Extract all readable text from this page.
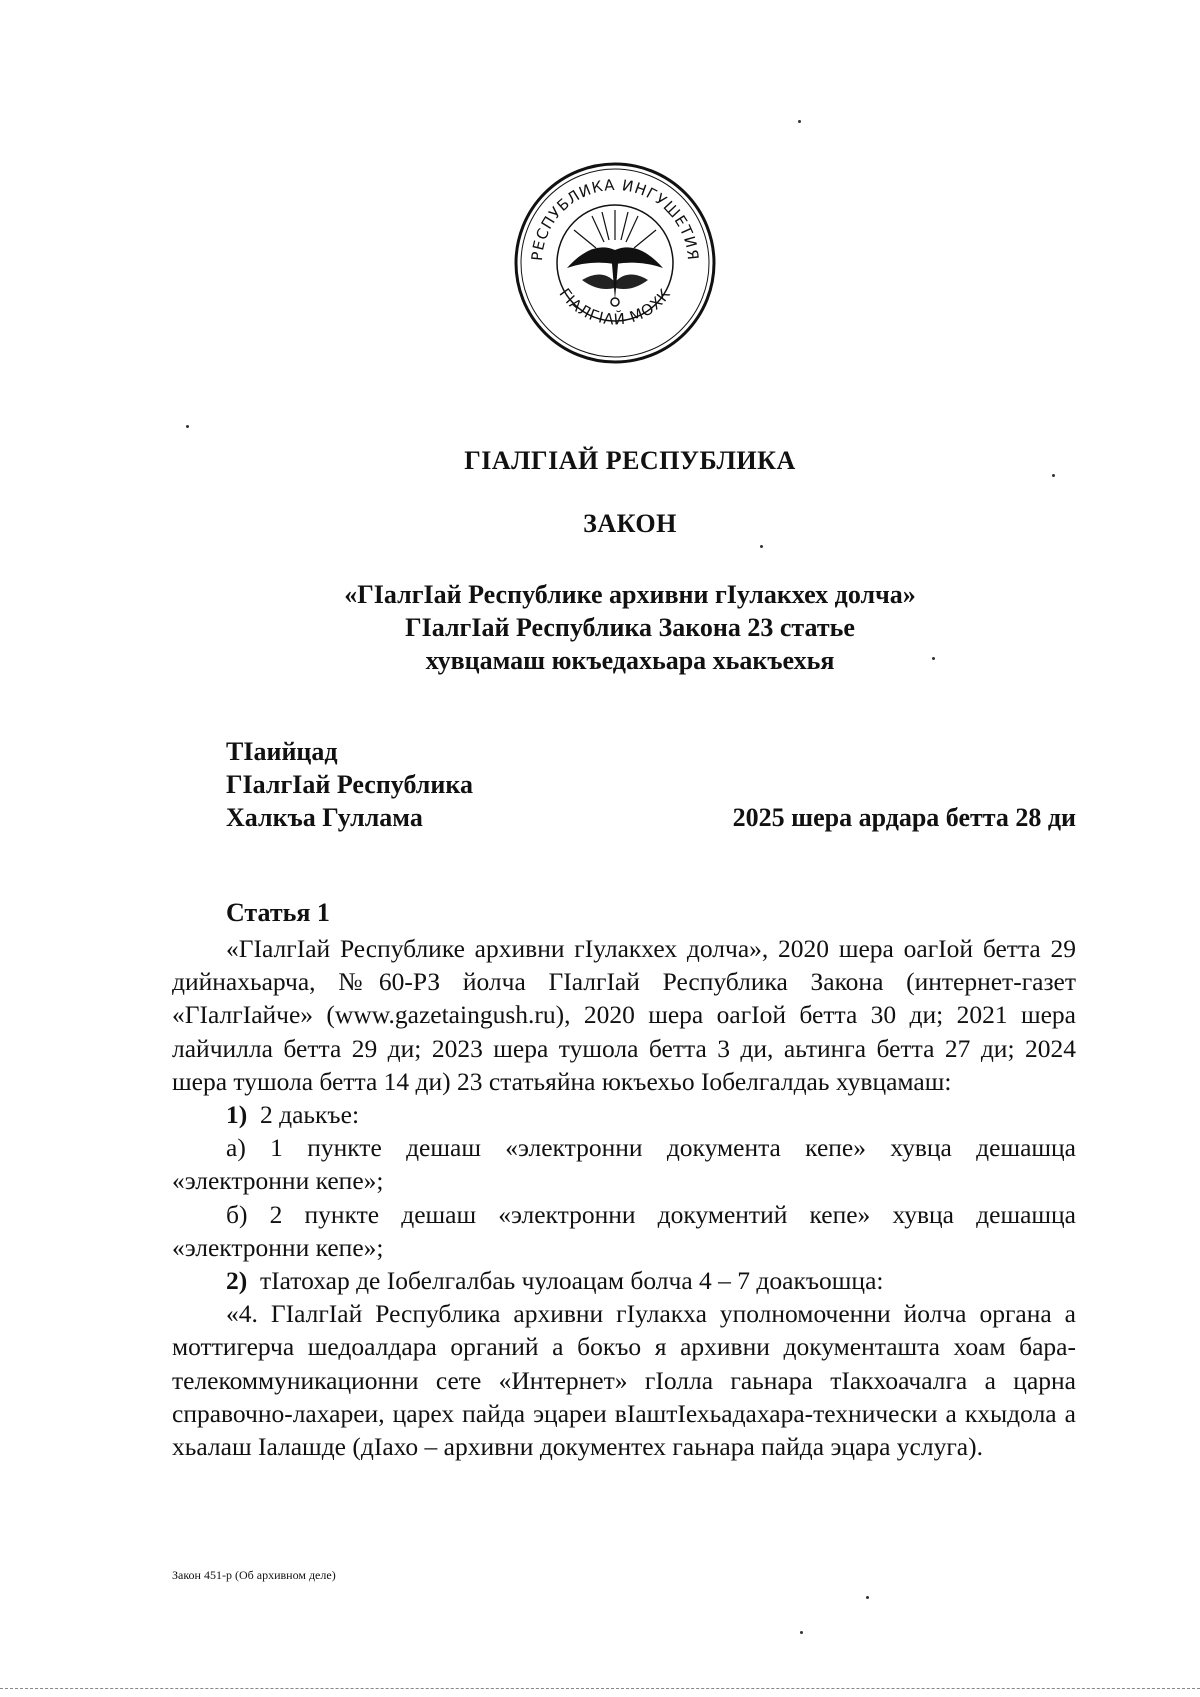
РЕСПУБЛИКА ИНГУШЕТИЯ
ГIАЛГIАЙ МОХК
ГIАЛГIАЙ РЕСПУБЛИКА
ЗАКОН
«ГIалгIай Республике архивни гIулакхех долча»
ГIалгIай Республика Закона 23 статье
хувцамаш юкъедахьара хьакъехья
ТIаийцад
ГIалгIай Республика
Халкъа Гуллама	2025 шера ардара бетта 28 ди
Статья 1

«ГIалгIай Республике архивни гIулакхех долча», 2020 шера оагIой бетта 29 дийнахьарча, №60-РЗ йолча ГIалгIай Республика Закона (интернет-газет «ГIалгIайче» (www.gazetaingush.ru), 2020 шера оагIой бетта 30 ди; 2021 шера лайчилла бетта 29 ди; 2023 шера тушола бетта 3 ди, аьтинга бетта 27 ди; 2024 шера тушола бетта 14 ди) 23 статьяйна юкъехьо Iобелгалдаь хувцамаш:

1) 2 даькъе:

а) 1 пункте дешаш «электронни документа кепе» хувца дешашца «электронни кепе»;

б) 2 пункте дешаш «электронни документий кепе» хувца дешашца «электронни кепе»;

2) тIатохар де Iобелгалбаь чулоацам болча 4 – 7 доакъошца:

«4. ГIалгIай Республика архивни гIулакха уполномоченни йолча органа а моттигерча шедоалдара органий а бокъо я архивни документашта хоам бара-телекоммуникационни сете «Интернет» гIолла гаьнара тIакхоачалга а царна справочно-лахареи, царех пайда эцареи вIаштIехьадахара-технически а кхыдола а хьалаш Iалашде (дIахо – архивни документех гаьнара пайда эцара услуга).

Закон 451-р (Об архивном деле)
